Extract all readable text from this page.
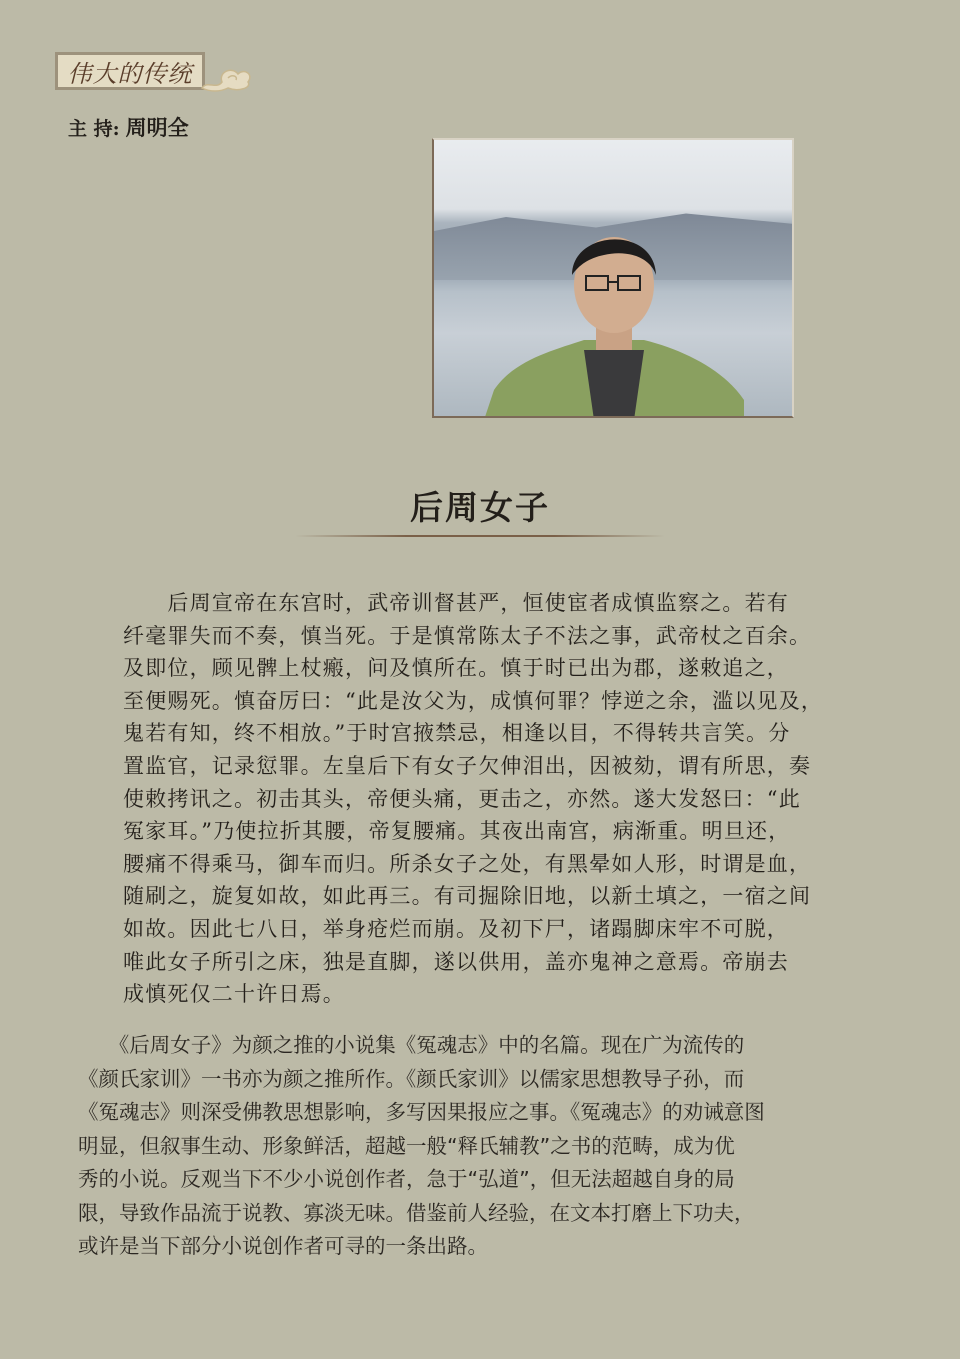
伟大的传统
主 持: 周明全
后周女子
　　后周宣帝在东宫时，武帝训督甚严，恒使宦者成慎监察之。若有
纤毫罪失而不奏，慎当死。于是慎常陈太子不法之事，武帝杖之百余。
及即位，顾见髀上杖瘢，问及慎所在。慎于时已出为郡，遂敕追之，
至便赐死。慎奋厉曰：“此是汝父为，成慎何罪？悖逆之余，滥以见及，
鬼若有知，终不相放。”于时宫掖禁忌，相逢以目，不得转共言笑。分
置监官，记录愆罪。左皇后下有女子欠伸泪出，因被劾，谓有所思，奏
使敕拷讯之。初击其头，帝便头痛，更击之，亦然。遂大发怒曰：“此
冤家耳。”乃使拉折其腰，帝复腰痛。其夜出南宫，病渐重。明旦还，
腰痛不得乘马，御车而归。所杀女子之处，有黑晕如人形，时谓是血，
随刷之，旋复如故，如此再三。有司掘除旧地，以新土填之，一宿之间
如故。因此七八日，举身疮烂而崩。及初下尸，诸蹋脚床牢不可脱，
唯此女子所引之床，独是直脚，遂以供用，盖亦鬼神之意焉。帝崩去
成慎死仅二十许日焉。
　　《后周女子》为颜之推的小说集《冤魂志》中的名篇。现在广为流传的
《颜氏家训》一书亦为颜之推所作。《颜氏家训》以儒家思想教导子孙，而
《冤魂志》则深受佛教思想影响，多写因果报应之事。《冤魂志》的劝诫意图
明显，但叙事生动、形象鲜活，超越一般“释氏辅教”之书的范畴，成为优
秀的小说。反观当下不少小说创作者，急于“弘道”，但无法超越自身的局
限，导致作品流于说教、寡淡无味。借鉴前人经验，在文本打磨上下功夫，
或许是当下部分小说创作者可寻的一条出路。
